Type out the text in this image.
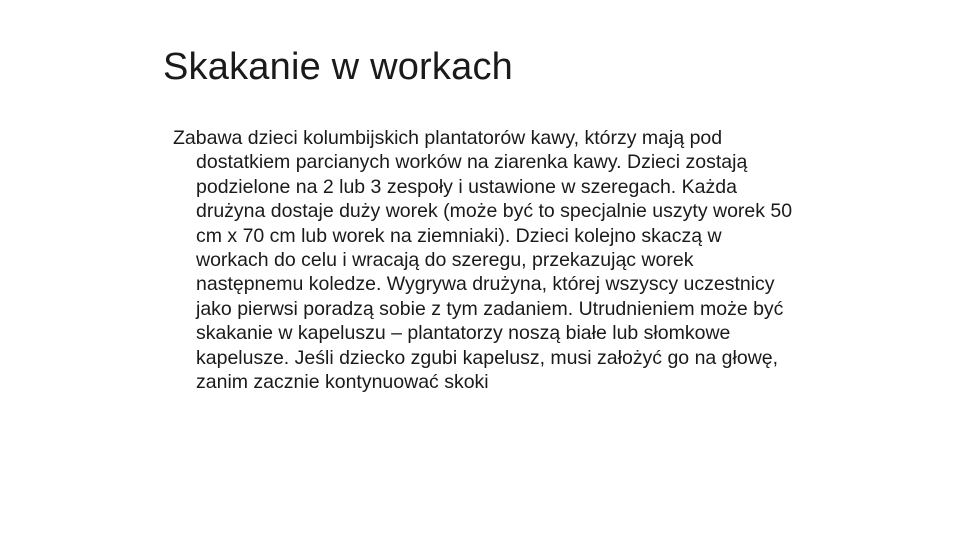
Skakanie w workach

Zabawa dzieci kolumbijskich plantatorów kawy, którzy mają pod dostatkiem parcianych worków na ziarenka kawy. Dzieci zostają podzielone na 2 lub 3 zespoły i ustawione w szeregach. Każda drużyna dostaje duży worek (może być to specjalnie uszyty worek 50 cm x 70 cm lub worek na ziemniaki). Dzieci kolejno skaczą w workach do celu i wracają do szeregu, przekazując worek następnemu koledze. Wygrywa drużyna, której wszyscy uczestnicy jako pierwsi poradzą sobie z tym zadaniem. Utrudnieniem może być skakanie w kapeluszu – plantatorzy noszą białe lub słomkowe kapelusze. Jeśli dziecko zgubi kapelusz, musi założyć go na głowę, zanim zacznie kontynuować skoki
